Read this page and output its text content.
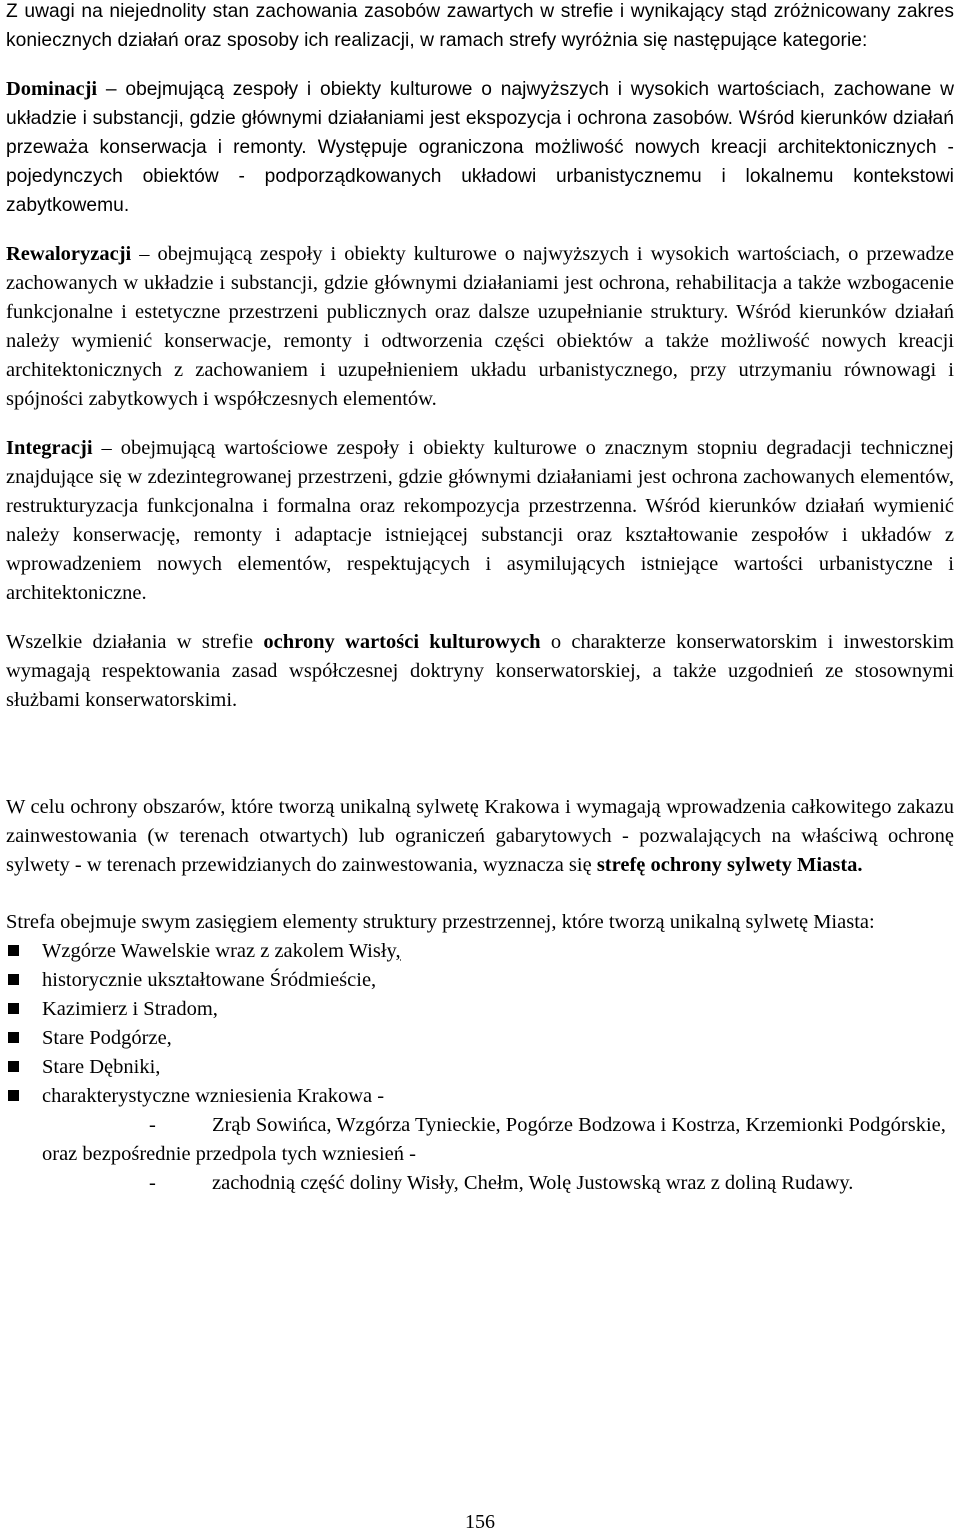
Z uwagi na niejednolity stan zachowania zasobów zawartych w strefie i wynikający stąd zróżnicowany zakres koniecznych działań oraz sposoby ich realizacji, w ramach strefy wyróżnia się następujące kategorie:

Dominacji – obejmującą zespoły i obiekty kulturowe o najwyższych i wysokich wartościach, zachowane w układzie i substancji, gdzie głównymi działaniami jest ekspozycja i ochrona zasobów. Wśród kierunków działań przeważa konserwacja i remonty. Występuje ograniczona możliwość nowych kreacji architektonicznych - pojedynczych obiektów - podporządkowanych układowi urbanistycznemu i lokalnemu kontekstowi zabytkowemu.

Rewaloryzacji – obejmującą zespoły i obiekty kulturowe o najwyższych i wysokich wartościach, o przewadze zachowanych w układzie i substancji, gdzie głównymi działaniami jest ochrona, rehabilitacja a także wzbogacenie funkcjonalne i estetyczne przestrzeni publicznych oraz dalsze uzupełnianie struktury. Wśród kierunków działań należy wymienić konserwacje, remonty i odtworzenia części obiektów a także możliwość nowych kreacji architektonicznych z zachowaniem i uzupełnieniem układu urbanistycznego, przy utrzymaniu równowagi i spójności zabytkowych i współczesnych elementów.

Integracji – obejmującą wartościowe zespoły i obiekty kulturowe o znacznym stopniu degradacji technicznej znajdujące się w zdezintegrowanej przestrzeni, gdzie głównymi działaniami jest ochrona zachowanych elementów, restrukturyzacja funkcjonalna i formalna oraz rekompozycja przestrzenna. Wśród kierunków działań wymienić należy konserwację, remonty i adaptacje istniejącej substancji oraz kształtowanie zespołów i układów z wprowadzeniem nowych elementów, respektujących i asymilujących istniejące wartości urbanistyczne i architektoniczne.

Wszelkie działania w strefie ochrony wartości kulturowych o charakterze konserwatorskim i inwestorskim wymagają respektowania zasad współczesnej doktryny konserwatorskiej, a także uzgodnień ze stosownymi służbami konserwatorskimi.

W celu ochrony obszarów, które tworzą unikalną sylwetę Krakowa i wymagają wprowadzenia całkowitego zakazu zainwestowania (w terenach otwartych) lub ograniczeń gabarytowych - pozwalających na właściwą ochronę sylwety - w terenach przewidzianych do zainwestowania, wyznacza się strefę ochrony sylwety Miasta.

Strefa obejmuje swym zasięgiem elementy struktury przestrzennej, które tworzą unikalną sylwetę Miasta:

Wzgórze Wawelskie wraz z zakolem Wisły,
historycznie ukształtowane Śródmieście,
Kazimierz i Stradom,
Stare Podgórze,
Stare Dębniki,
charakterystyczne wzniesienia Krakowa -
-	Zrąb Sowińca, Wzgórza Tynieckie, Pogórze Bodzowa i Kostrza, Krzemionki Podgórskie,
oraz bezpośrednie przedpola tych wzniesień -
-	zachodnią część doliny Wisły, Chełm, Wolę Justowską wraz z doliną Rudawy.
156
